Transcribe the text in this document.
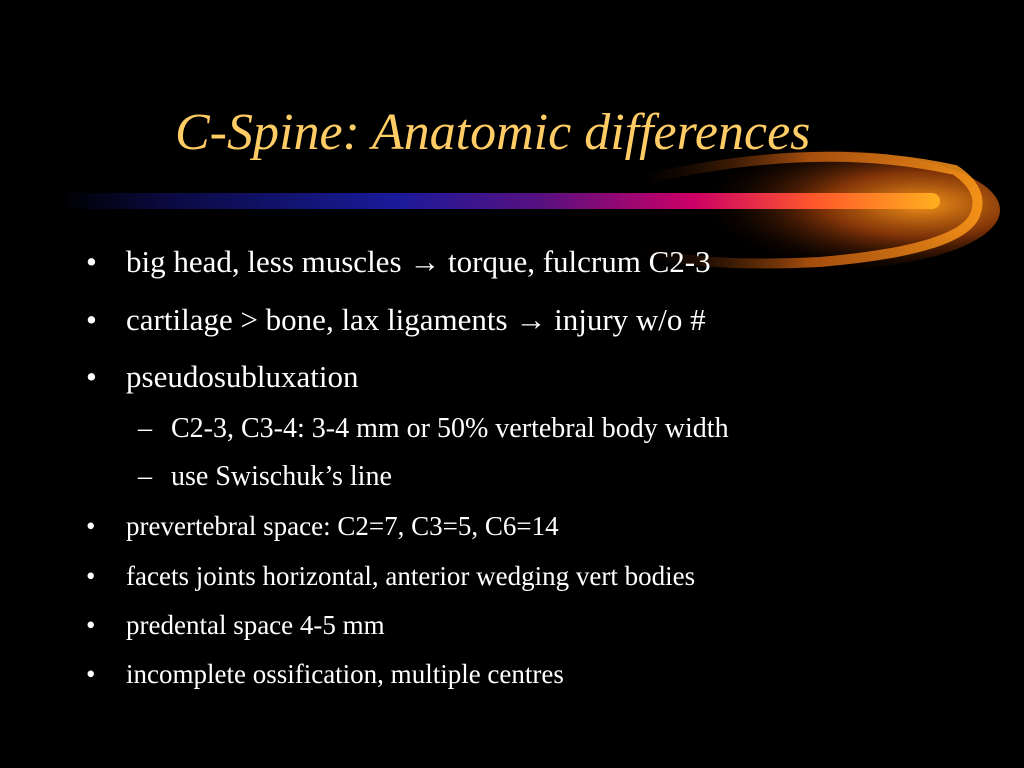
C-Spine: Anatomic differences
• big head, less muscles → torque, fulcrum C2-3
• cartilage > bone, lax ligaments → injury w/o #
• pseudosubluxation
– C2-3, C3-4: 3-4 mm or 50% vertebral body width
– use Swischuk’s line
• prevertebral space: C2=7, C3=5, C6=14
• facets joints horizontal, anterior wedging vert bodies
• predental space 4-5 mm
• incomplete ossification, multiple centres
